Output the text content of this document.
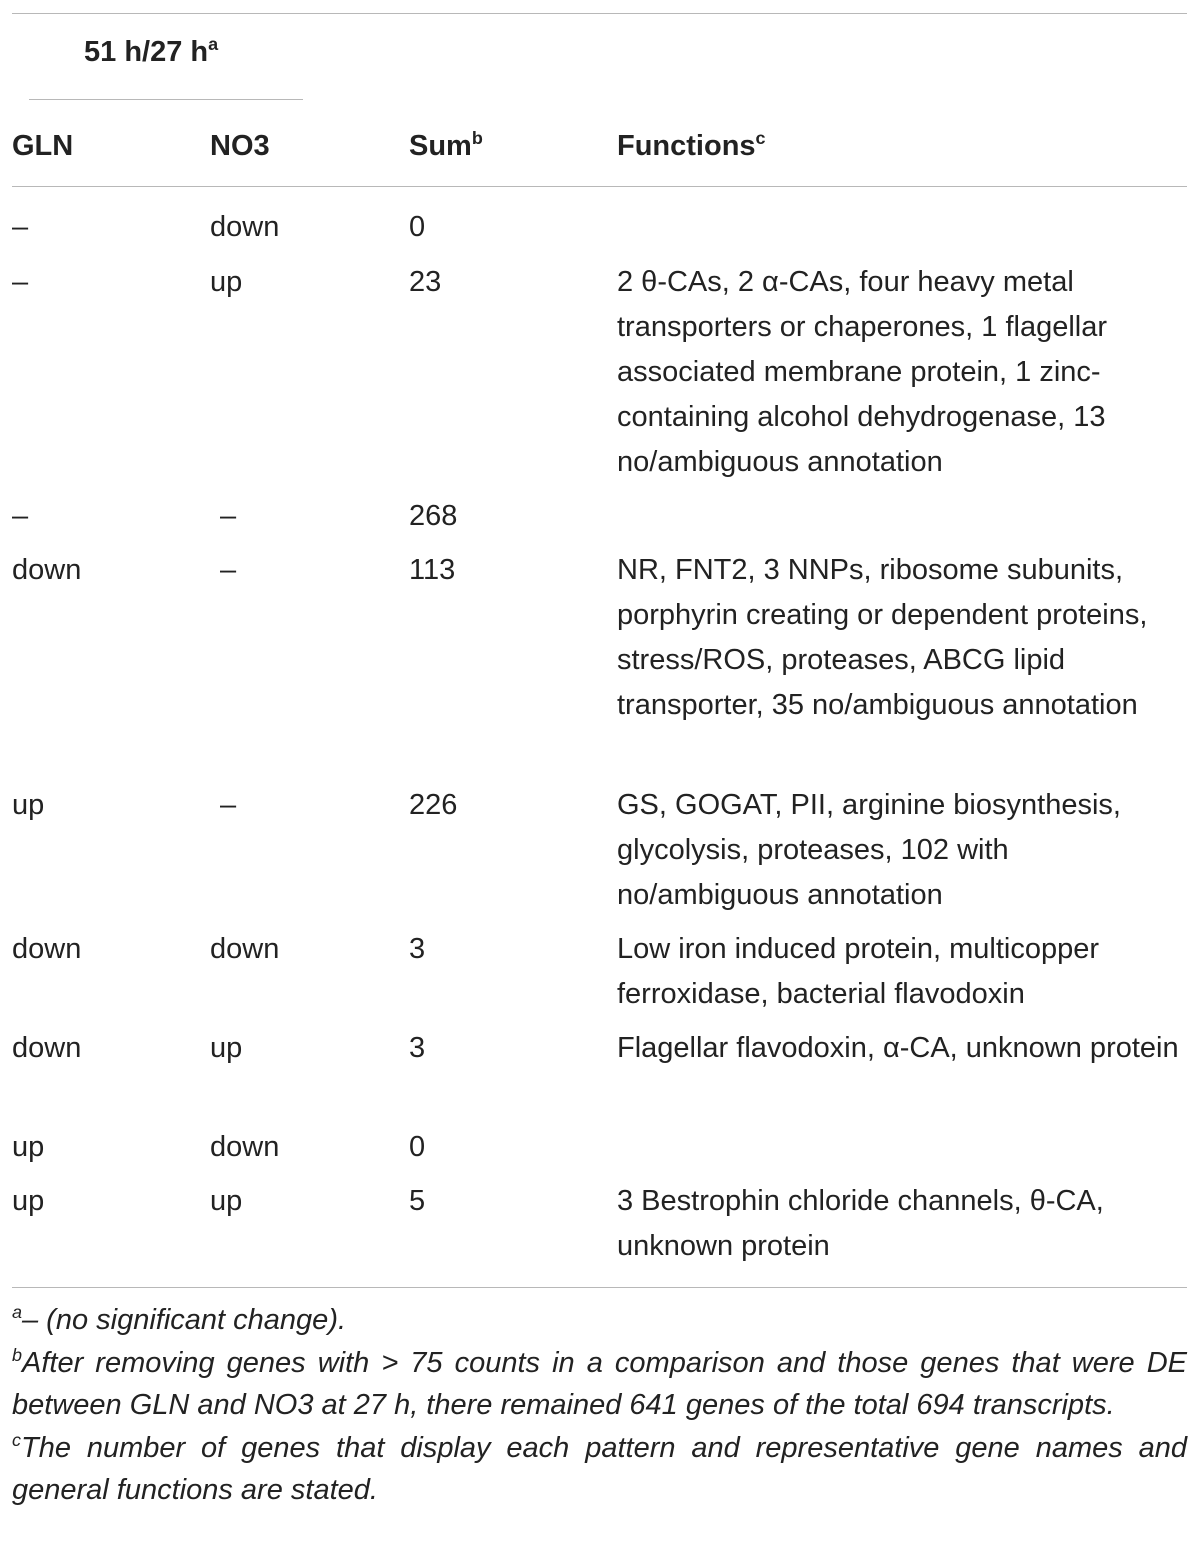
51 h/27 $h^a$
GLN	NO3	Sum$^b$	Functions$^c$
–	down	0
–	up	23	2 θ-CAs, 2 α-CAs, four heavy metal transporters or chaperones, 1 flagellar associated membrane protein, 1 zinc-containing alcohol dehydrogenase, 13 no/ambiguous annotation
–	–	268
down	–	113	NR, FNT2, 3 NNPs, ribosome subunits, porphyrin creating or dependent proteins, stress/ROS, proteases, ABCG lipid transporter, 35 no/ambiguous annotation
up	–	226	GS, GOGAT, PII, arginine biosynthesis, glycolysis, proteases, 102 with no/ambiguous annotation
down	down	3	Low iron induced protein, multicopper ferroxidase, bacterial flavodoxin
down	up	3	Flagellar flavodoxin, α-CA, unknown protein
up	down	0
up	up	5	3 Bestrophin chloride channels, θ-CA, unknown protein

$^a$– (no significant change).

$^b$After removing genes with > 75 counts in a comparison and those genes that were DE between GLN and NO3 at 27 h, there remained 641 genes of the total 694 transcripts.

$^c$The number of genes that display each pattern and representative gene names and general functions are stated.
